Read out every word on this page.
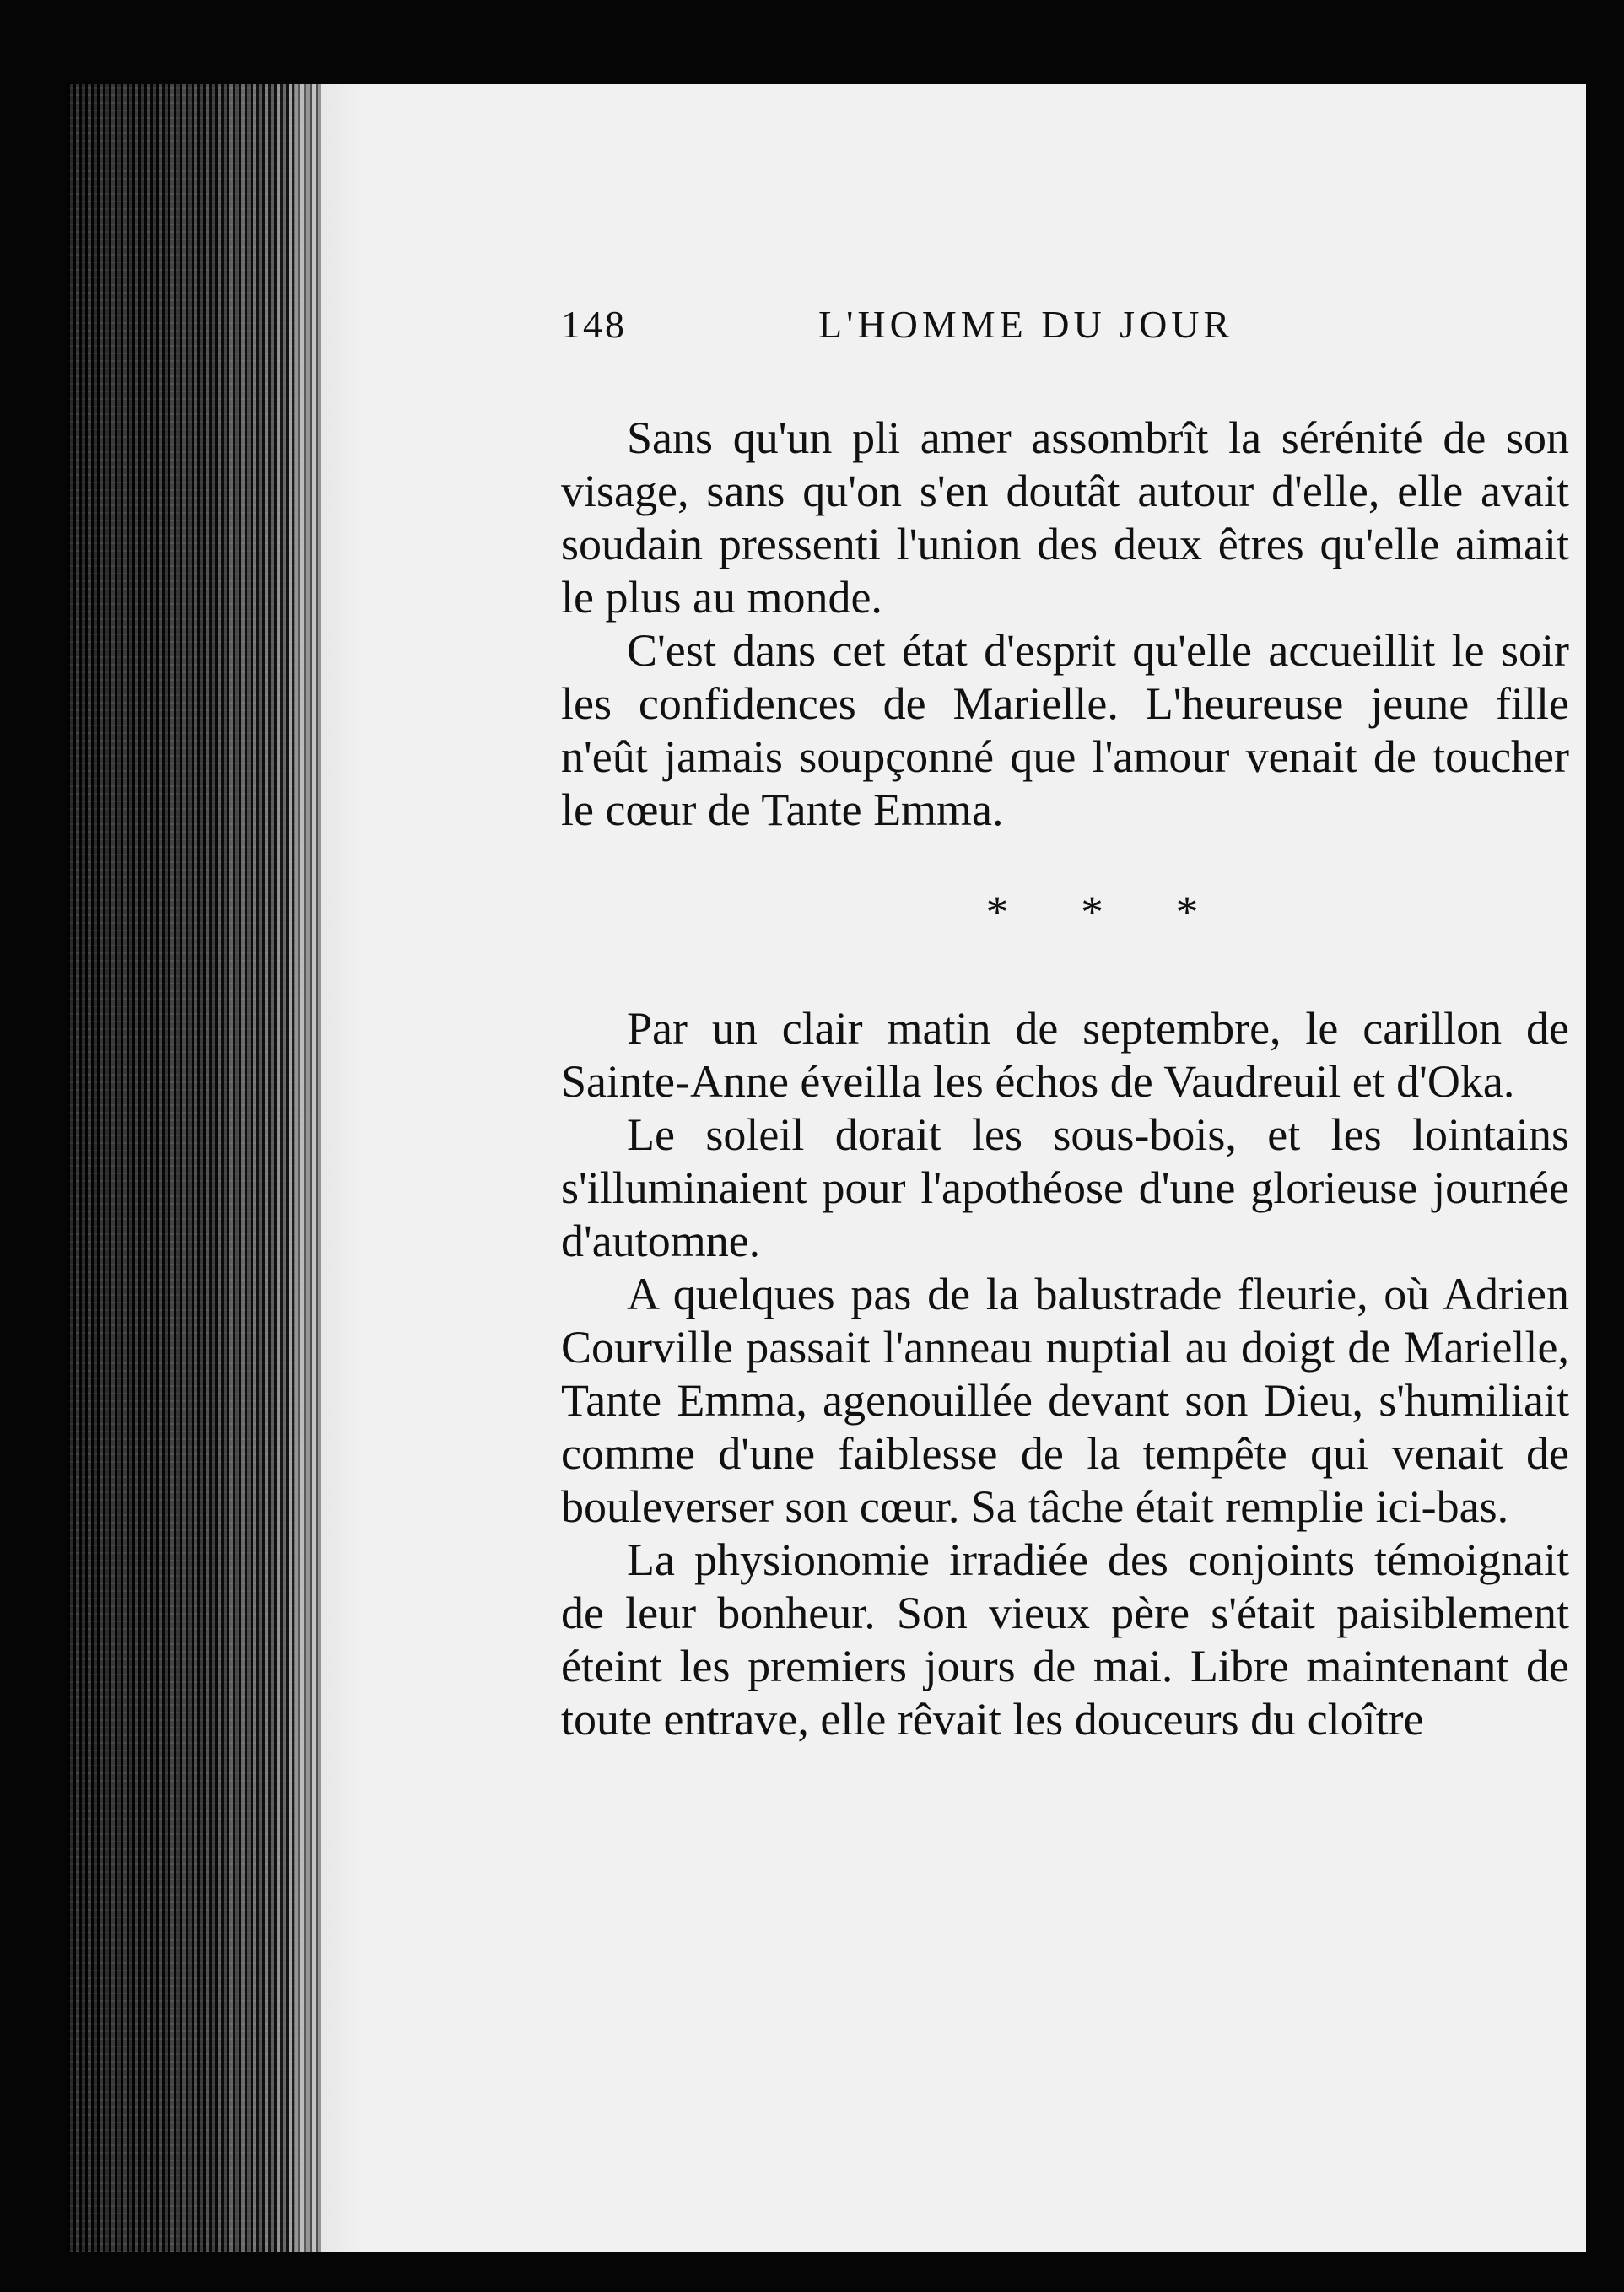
148	L'HOMME DU JOUR

Sans qu'un pli amer assombrît la sérénité de son visage, sans qu'on s'en doutât autour d'elle, elle avait soudain pressenti l'union des deux êtres qu'elle aimait le plus au monde.

C'est dans cet état d'esprit qu'elle accueillit le soir les confidences de Marielle. L'heureuse jeune fille n'eût jamais soupçonné que l'amour venait de toucher le cœur de Tante Emma.

* * *

Par un clair matin de septembre, le carillon de Sainte-Anne éveilla les échos de Vaudreuil et d'Oka.

Le soleil dorait les sous-bois, et les lointains s'illuminaient pour l'apothéose d'une glorieuse journée d'automne.

A quelques pas de la balustrade fleurie, où Adrien Courville passait l'anneau nuptial au doigt de Marielle, Tante Emma, agenouillée devant son Dieu, s'humiliait comme d'une faiblesse de la tempête qui venait de bouleverser son cœur. Sa tâche était remplie ici-bas.

La physionomie irradiée des conjoints témoignait de leur bonheur. Son vieux père s'était paisiblement éteint les premiers jours de mai. Libre maintenant de toute entrave, elle rêvait les douceurs du cloître
